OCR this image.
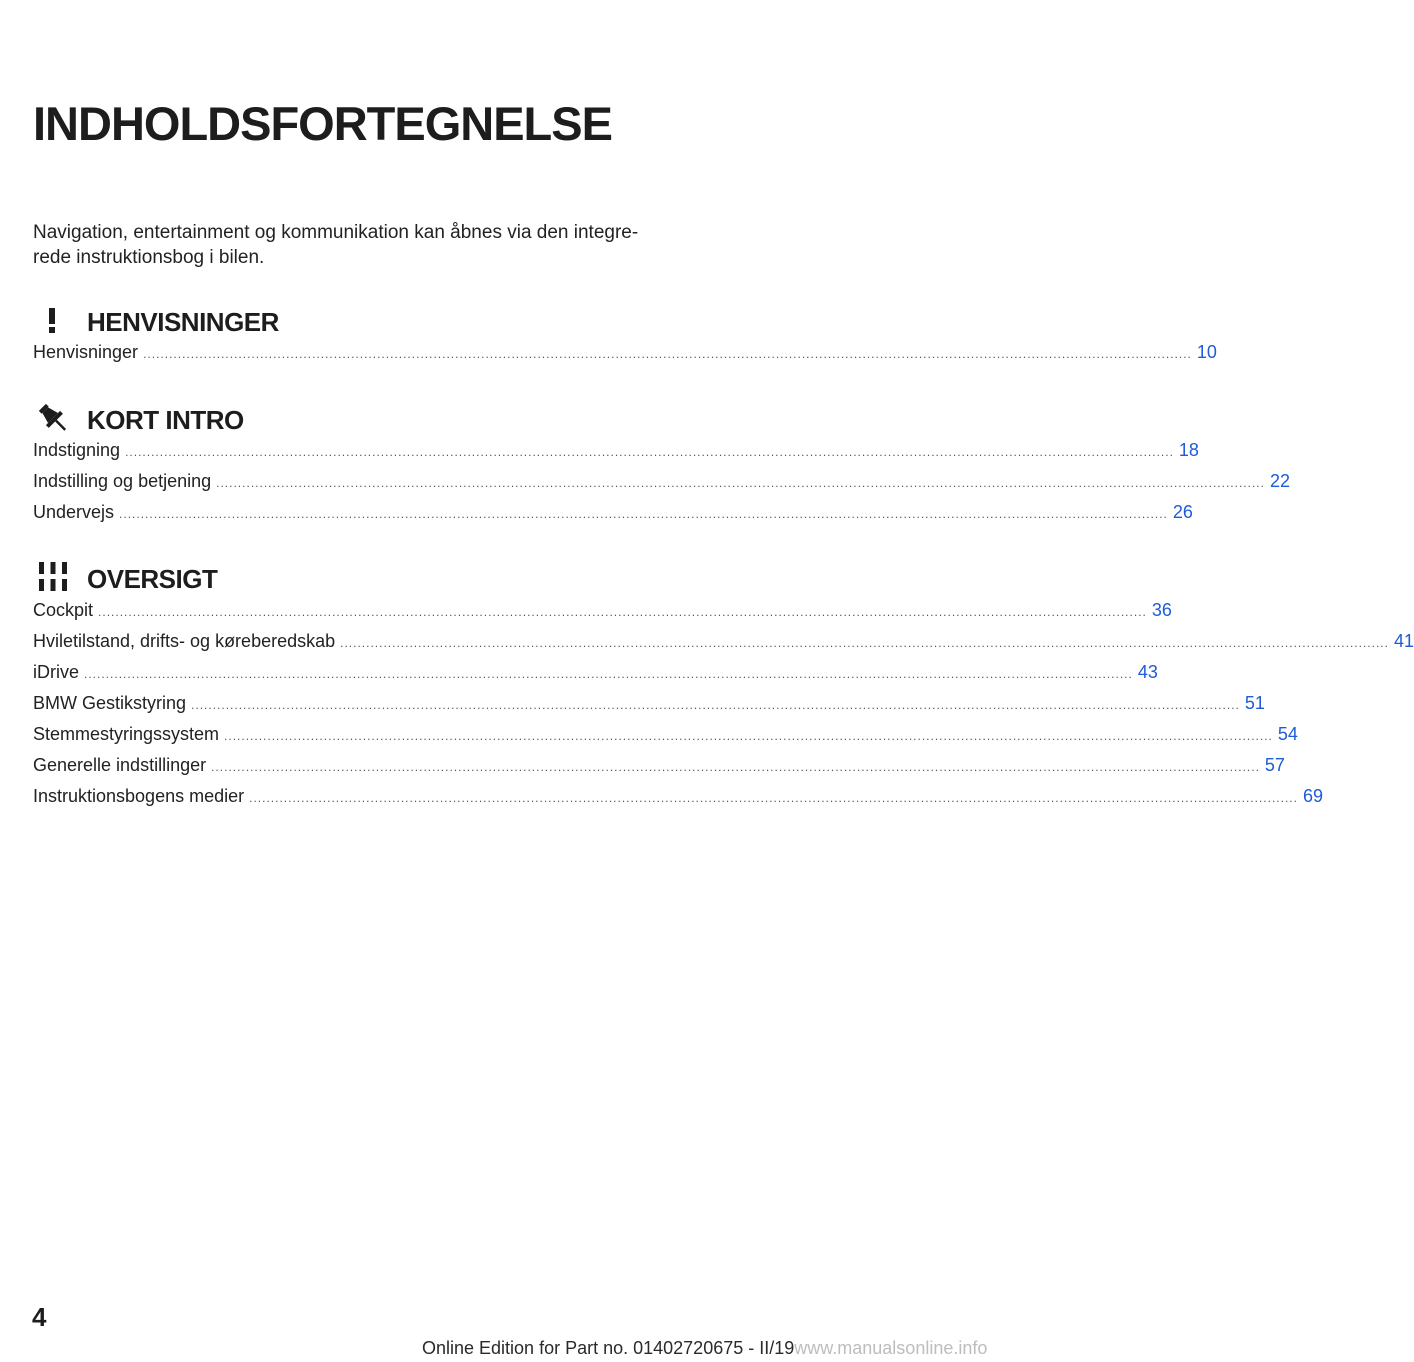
INDHOLDSFORTEGNELSE

Navigation, entertainment og kommunikation kan åbnes via den integre-
rede instruktionsbog i bilen.

HENVISNINGER
Henvisninger .....	10
KORT INTRO
Indstigning .....	18
Indstilling og betjening .....	22
Undervejs .....	26
OVERSIGT
Cockpit .....	36
Hviletilstand, drifts- og køreberedskab .....	41
iDrive .....	43
BMW Gestikstyring .....	51
Stemmestyringssystem .....	54
Generelle indstillinger .....	57
Instruktionsbogens medier .....	69
4
Online Edition for Part no. 01402720675 - II/19www.manualsonline.info
